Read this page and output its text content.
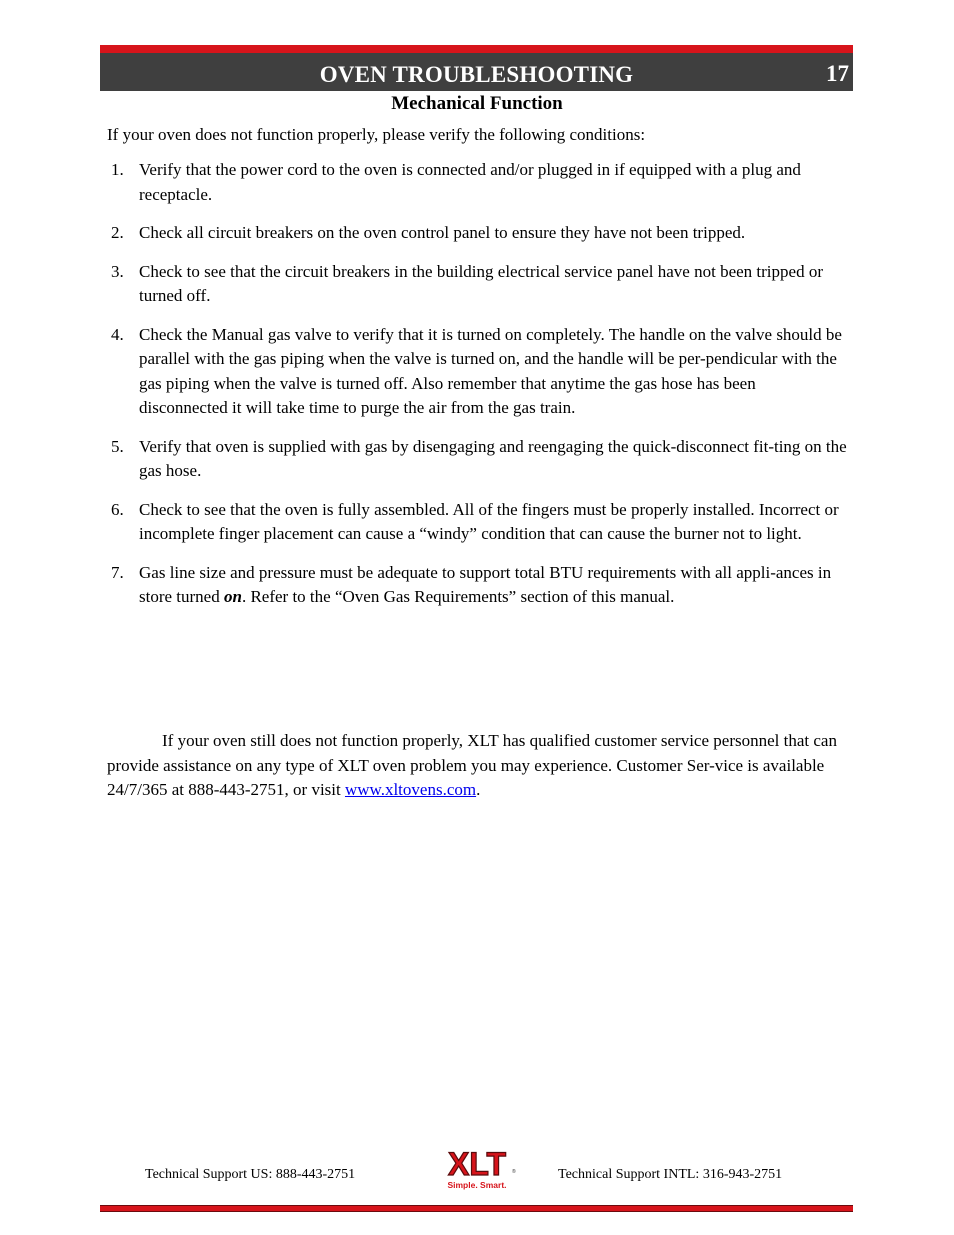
OVEN TROUBLESHOOTING	17
Mechanical Function
If your oven does not function properly, please verify the following conditions:
1. Verify that the power cord to the oven is connected and/or plugged in if equipped with a plug and receptacle.
2. Check all circuit breakers on the oven control panel to ensure they have not been tripped.
3. Check to see that the circuit breakers in the building electrical service panel have not been tripped or turned off.
4. Check the Manual gas valve to verify that it is turned on completely. The handle on the valve should be parallel with the gas piping when the valve is turned on, and the handle will be per-pendicular with the gas piping when the valve is turned off. Also remember that anytime the gas hose has been disconnected it will take time to purge the air from the gas train.
5. Verify that oven is supplied with gas by disengaging and reengaging the quick-disconnect fit-ting on the gas hose.
6. Check to see that the oven is fully assembled. All of the fingers must be properly installed. Incorrect or incomplete finger placement can cause a “windy” condition that can cause the burner not to light.
7. Gas line size and pressure must be adequate to support total BTU requirements with all appli-ances in store turned on. Refer to the “Oven Gas Requirements” section of this manual.
If your oven still does not function properly, XLT has qualified customer service personnel that can provide assistance on any type of XLT oven problem you may experience. Customer Ser-vice is available 24/7/365 at 888-443-2751, or visit www.xltovens.com.
Technical Support US: 888-443-2751	XLT
Simple. Smart.
®	Technical Support INTL: 316-943-2751
